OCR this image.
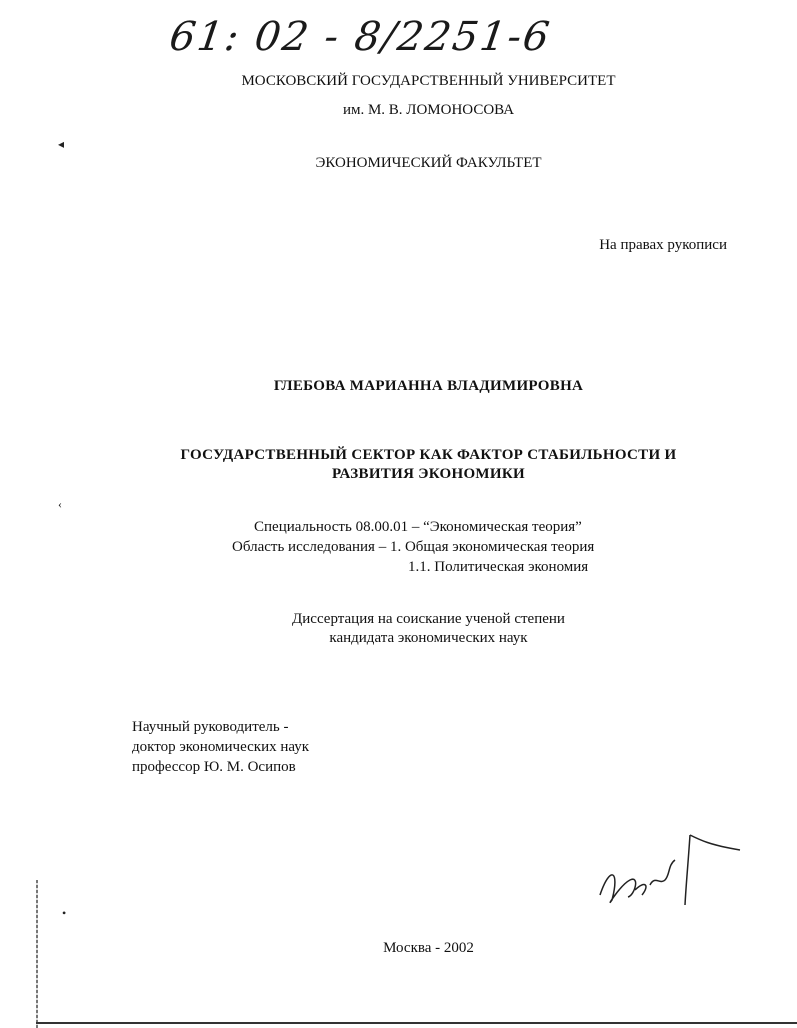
61: 02 - 8/2251-6
МОСКОВСКИЙ ГОСУДАРСТВЕННЫЙ УНИВЕРСИТЕТ
им. М. В. ЛОМОНОСОВА
ЭКОНОМИЧЕСКИЙ ФАКУЛЬТЕТ
На правах рукописи
ГЛЕБОВА МАРИАННА ВЛАДИМИРОВНА
ГОСУДАРСТВЕННЫЙ СЕКТОР КАК ФАКТОР СТАБИЛЬНОСТИ И
РАЗВИТИЯ ЭКОНОМИКИ
Специальность 08.00.01 – “Экономическая теория”
Область исследования – 1. Общая экономическая теория
1.1. Политическая экономия
Диссертация на соискание ученой степени
кандидата экономических наук
Научный руководитель -
доктор экономических наук
профессор Ю. М. Осипов
Москва - 2002
◂
‹
•
